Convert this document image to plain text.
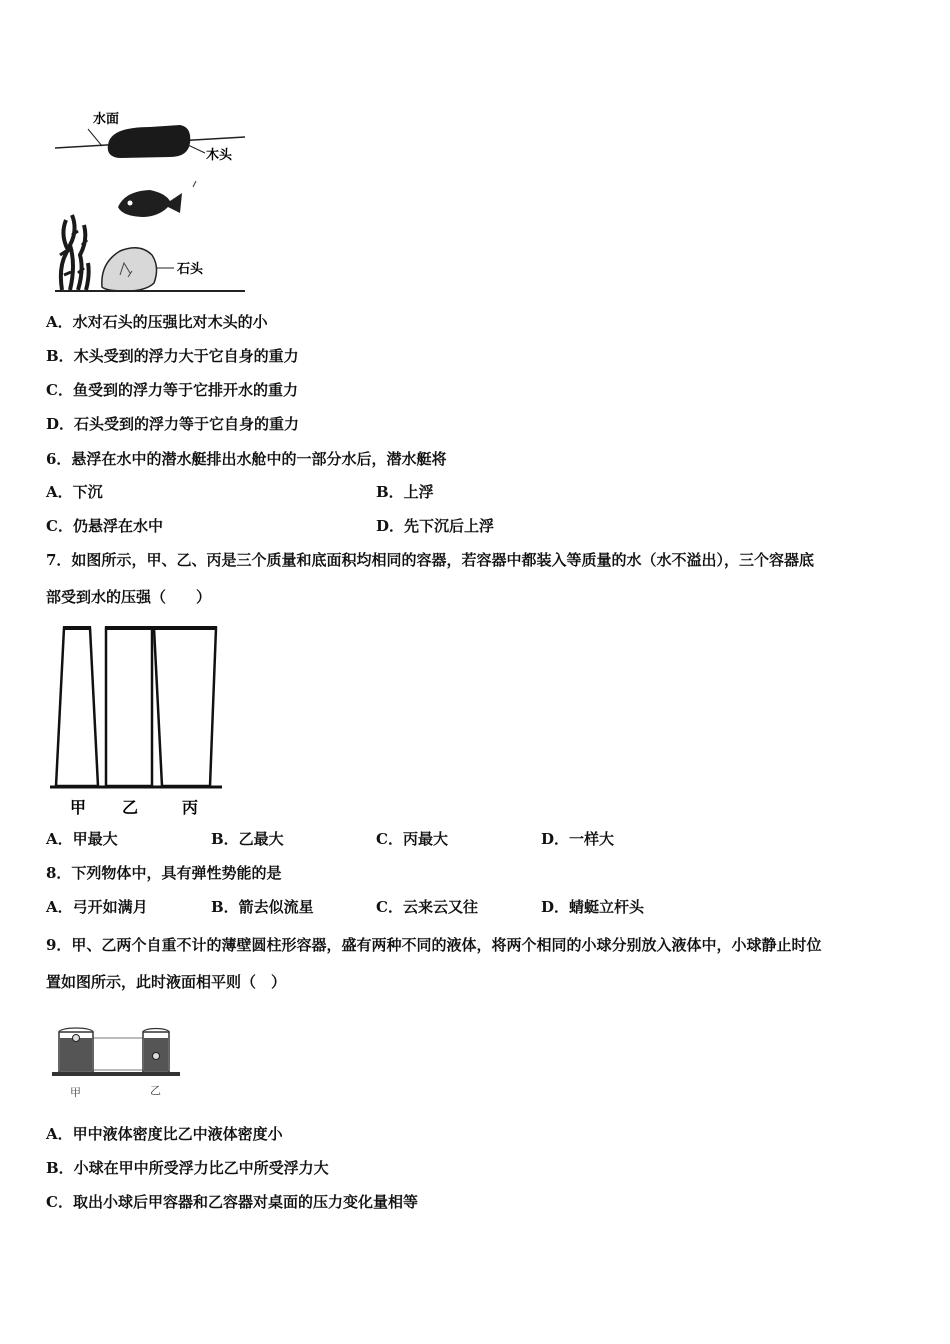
水面
木头
石头
A．水对石头的压强比对木头的小
B．木头受到的浮力大于它自身的重力
C．鱼受到的浮力等于它排开水的重力
D．石头受到的浮力等于它自身的重力
6．悬浮在水中的潜水艇排出水舱中的一部分水后，潜水艇将
A．下沉	B．上浮
C．仍悬浮在水中	D．先下沉后上浮
7．如图所示，甲、乙、丙是三个质量和底面积均相同的容器，若容器中都装入等质量的水（水不溢出），三个容器底
部受到水的压强（　　）
甲 乙	丙
A．甲最大	B．乙最大	C．丙最大	D．一样大
8．下列物体中，具有弹性势能的是
A．弓开如满月	B．箭去似流星	C．云来云又往	D．蜻蜓立杆头
9．甲、乙两个自重不计的薄壁圆柱形容器，盛有两种不同的液体，将两个相同的小球分别放入液体中，小球静止时位
置如图所示，此时液面相平则（　）
甲	乙
A．甲中液体密度比乙中液体密度小
B．小球在甲中所受浮力比乙中所受浮力大
C．取出小球后甲容器和乙容器对桌面的压力变化量相等
